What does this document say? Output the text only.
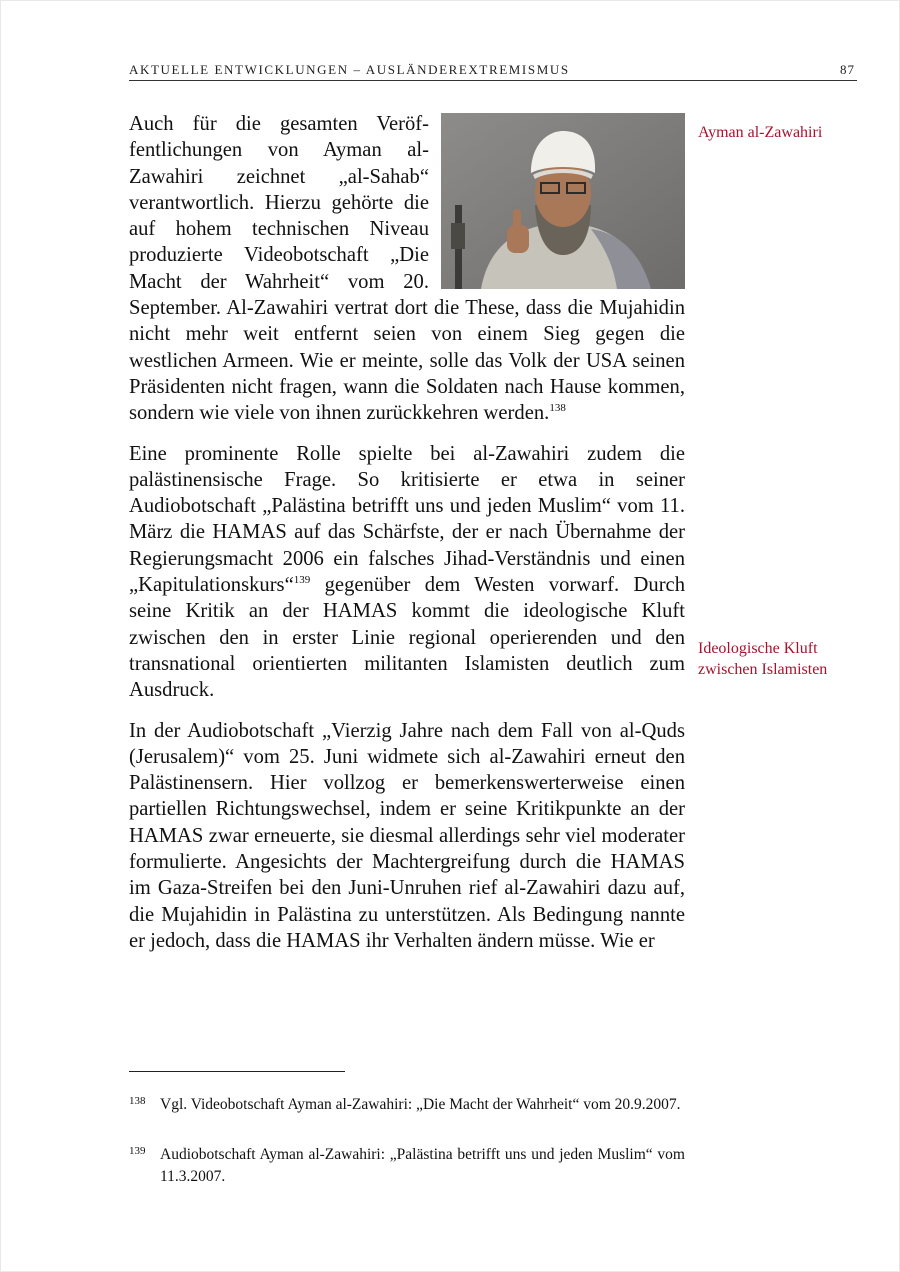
AKTUELLE ENTWICKLUNGEN – AUSLÄNDEREXTREMISMUS	87

Auch für die gesamten Veröffentlichungen von Ayman al-Zawahiri zeichnet „al-Sahab“ verantwortlich. Hierzu gehörte die auf hohem technischen Niveau produzierte Videobotschaft „Die Macht der Wahrheit“ vom 20. September. Al-Zawahiri vertrat dort die These, dass die Mujahidin nicht mehr weit entfernt seien von einem Sieg gegen die westlichen Armeen. Wie er meinte, solle das Volk der USA seinen Präsidenten nicht fragen, wann die Soldaten nach Hause kommen, sondern wie viele von ihnen zurückkehren werden.$^{138}$

Eine prominente Rolle spielte bei al-Zawahiri zudem die palästinensische Frage. So kritisierte er etwa in seiner Audiobotschaft „Palästina betrifft uns und jeden Muslim“ vom 11. März die HAMAS auf das Schärfste, der er nach Übernahme der Regierungsmacht 2006 ein falsches Jihad-Verständnis und einen „Kapitulationskurs“$^{139}$ gegenüber dem Westen vorwarf. Durch seine Kritik an der HAMAS kommt die ideologische Kluft zwischen den in erster Linie regional operierenden und den transnational orientierten militanten Islamisten deutlich zum Ausdruck.

In der Audiobotschaft „Vierzig Jahre nach dem Fall von al-Quds (Jerusalem)“ vom 25. Juni widmete sich al-Zawahiri erneut den Palästinensern. Hier vollzog er bemerkenswerterweise einen partiellen Richtungswechsel, indem er seine Kritikpunkte an der HAMAS zwar erneuerte, sie diesmal allerdings sehr viel moderater formulierte. Angesichts der Machtergreifung durch die HAMAS im Gaza-Streifen bei den Juni-Unruhen rief al-Zawahiri dazu auf, die Mujahidin in Palästina zu unterstützen. Als Bedingung nannte er jedoch, dass die HAMAS ihr Verhalten ändern müsse. Wie er

Ayman al-Zawahiri
Ideologische Kluft zwischen Islamisten
138 Vgl. Videobotschaft Ayman al-Zawahiri: „Die Macht der Wahrheit“ vom 20.9.2007.
139 Audiobotschaft Ayman al-Zawahiri: „Palästina betrifft uns und jeden Muslim“ vom 11.3.2007.
